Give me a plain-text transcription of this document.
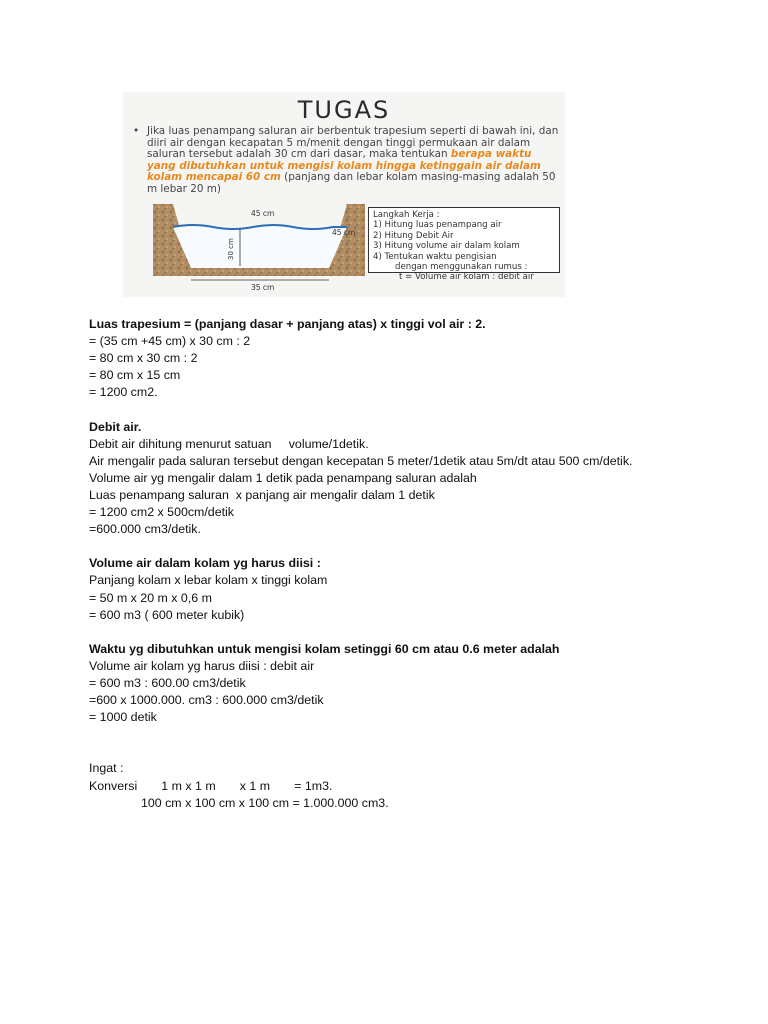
TUGAS
• Jika luas penampang saluran air berbentuk trapesium seperti di bawah ini, dan diiri air dengan kecapatan 5 m/menit dengan tinggi permukaan air dalam saluran tersebut adalah 30 cm dari dasar, maka tentukan berapa waktu yang dibutuhkan untuk mengisi kolam hingga ketinggain air dalam kolam mencapai 60 cm (panjang dan lebar kolam masing-masing adalah 50 m lebar 20 m)
45 cm
45 cm
30 cm
35 cm
Langkah Kerja :
1) Hitung luas penampang air
2) Hitung Debit Air
3) Hitung volume air dalam kolam
4) Tentukan waktu pengisian
dengan menggunakan rumus :
t = Volume air kolam : debit air
Luas trapesium = (panjang dasar + panjang atas) x tinggi vol air : 2.
= (35 cm +45 cm) x 30 cm : 2
= 80 cm x 30 cm : 2
= 80 cm x 15 cm
= 1200 cm2.
Debit air.
Debit air dihitung menurut satuan     volume/1detik.
Air mengalir pada saluran tersebut dengan kecepatan 5 meter/1detik atau 5m/dt atau 500 cm/detik.
Volume air yg mengalir dalam 1 detik pada penampang saluran adalah
Luas penampang saluran  x panjang air mengalir dalam 1 detik
= 1200 cm2 x 500cm/detik
=600.000 cm3/detik.
Volume air dalam kolam yg harus diisi :
Panjang kolam x lebar kolam x tinggi kolam
= 50 m x 20 m x 0,6 m
= 600 m3 ( 600 meter kubik)
Waktu yg dibutuhkan untuk mengisi kolam setinggi 60 cm atau 0.6 meter adalah
Volume air kolam yg harus diisi : debit air
= 600 m3 : 600.00 cm3/detik
=600 x 1000.000. cm3 : 600.000 cm3/detik
= 1000 detik
Ingat :
Konversi       1 m x 1 m       x 1 m       = 1m3.
100 cm x 100 cm x 100 cm = 1.000.000 cm3.
